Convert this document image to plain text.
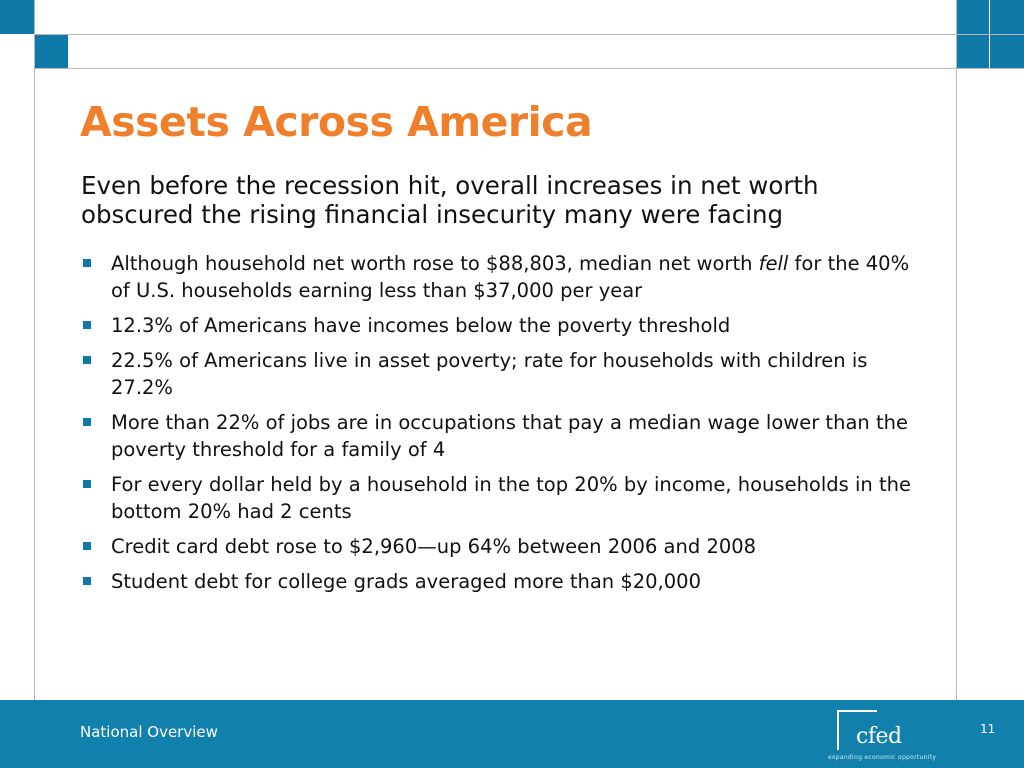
Assets Across America
Even before the recession hit, overall increases in net worth obscured the rising financial insecurity many were facing
Although household net worth rose to $88,803, median net worth fell for the 40% of U.S. households earning less than $37,000 per year
12.3% of Americans have incomes below the poverty threshold
22.5% of Americans live in asset poverty; rate for households with children is 27.2%
More than 22% of jobs are in occupations that pay a median wage lower than the poverty threshold for a family of 4
For every dollar held by a household in the top 20% by income, households in the bottom 20% had 2 cents
Credit card debt rose to $2,960—up 64% between 2006 and 2008
Student debt for college grads averaged more than $20,000
National Overview	cfed
expanding economic opportunity
11
